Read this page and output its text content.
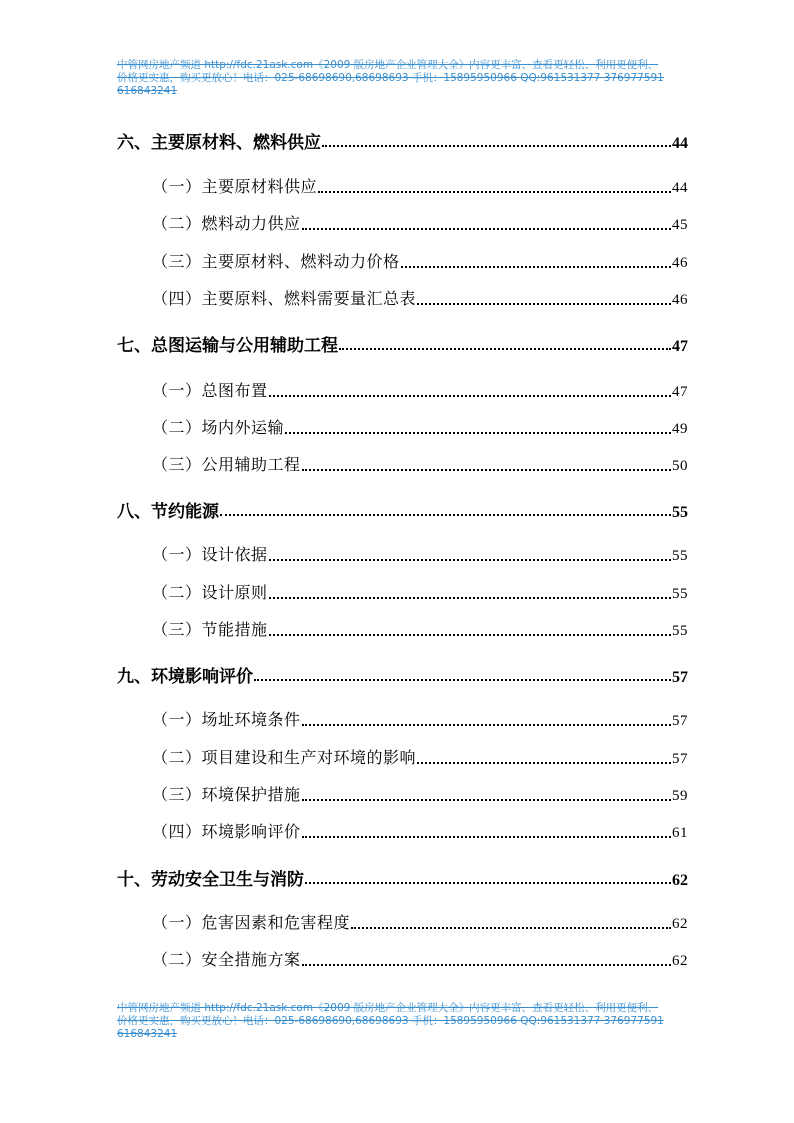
中管网房地产频道 http://fdc.21ask.com《2009 版房地产企业管理大全》内容更丰富、查看更轻松、利用更便利、
价格更实惠，购买更放心！电话：025-68698690,68698693 手机：15895950966 QQ:961531377 376977591
616843241
六、主要原材料、燃料供应	44
（一）主要原材料供应	44
（二）燃料动力供应	45
（三）主要原材料、燃料动力价格	46
（四）主要原料、燃料需要量汇总表	46
七、总图运输与公用辅助工程	47
（一）总图布置	47
（二）场内外运输	49
（三）公用辅助工程	50
八、节约能源	55
（一）设计依据	55
（二）设计原则	55
（三）节能措施	55
九、环境影响评价	57
（一）场址环境条件	57
（二）项目建设和生产对环境的影响	57
（三）环境保护措施	59
（四）环境影响评价	61
十、劳动安全卫生与消防	62
（一）危害因素和危害程度	62
（二）安全措施方案	62
中管网房地产频道 http://fdc.21ask.com《2009 版房地产企业管理大全》内容更丰富、查看更轻松、利用更便利、
价格更实惠，购买更放心！电话：025-68698690,68698693 手机：15895950966 QQ:961531377 376977591
616843241
